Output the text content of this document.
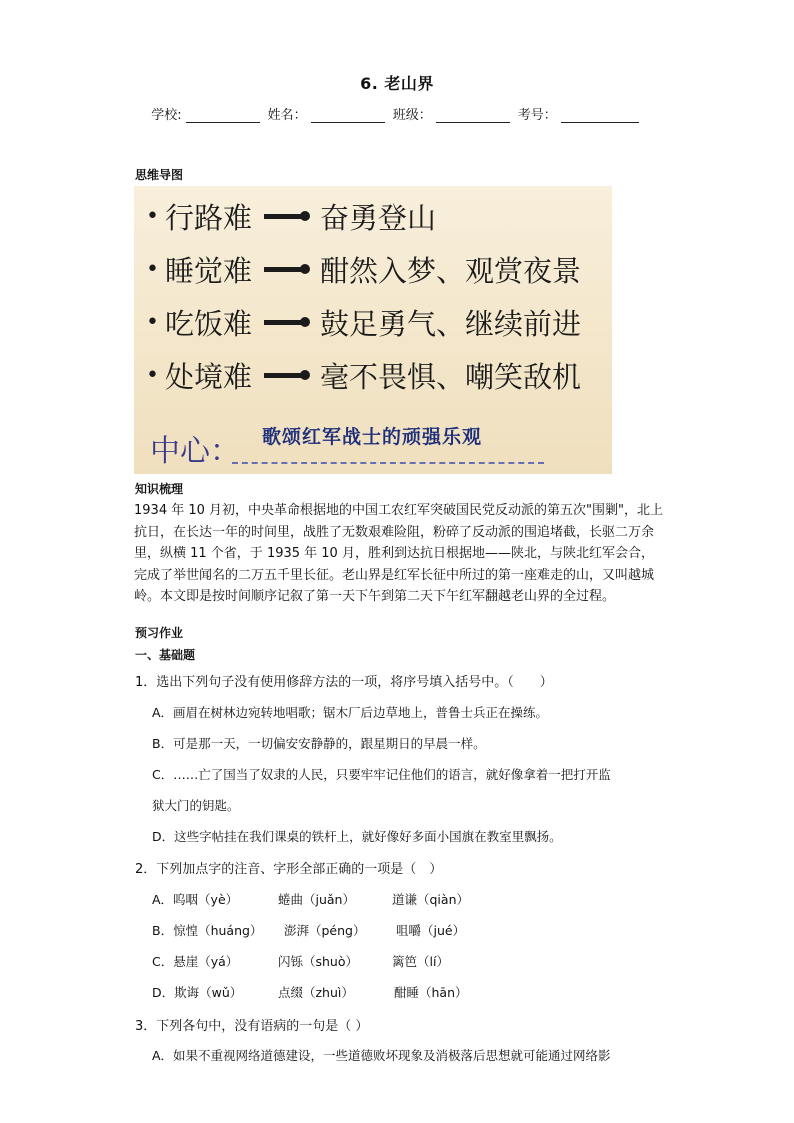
6. 老山界
学校:	姓名：	班级：	考号：
思维导图
• 行路难 奋勇登山
• 睡觉难 酣然入梦、观赏夜景
• 吃饭难 鼓足勇气、继续前进
• 处境难 毫不畏惧、嘲笑敌机
中心： 歌颂红军战士的顽强乐观
知识梳理
1934 年 10 月初，中央革命根据地的中国工农红军突破国民党反动派的第五次"围剿"，北上抗日，在长达一年的时间里，战胜了无数艰难险阻，粉碎了反动派的围追堵截，长驱二万余里，纵横 11 个省，于 1935 年 10 月，胜利到达抗日根据地——陕北，与陕北红军会合，完成了举世闻名的二万五千里长征。老山界是红军长征中所过的第一座难走的山，又叫越城岭。本文即是按时间顺序记叙了第一天下午到第二天下午红军翻越老山界的全过程。
预习作业
一、基础题
1．选出下列句子没有使用修辞方法的一项，将序号填入括号中。（　　）
A．画眉在树林边宛转地唱歌；锯木厂后边草地上，普鲁士兵正在操练。
B．可是那一天，一切偏安安静静的，跟星期日的早晨一样。
C．……亡了国当了奴隶的人民，只要牢牢记住他们的语言，就好像拿着一把打开监
狱大门的钥匙。
D．这些字帖挂在我们课桌的铁杆上，就好像好多面小国旗在教室里飘扬。
2．下列加点字的注音、字形全部正确的一项是（　）
A．呜咽（yè）	蜷曲（juǎn）	道谦（qiàn）
B．惊惶（huáng） 澎湃（péng） 咀嚼（jué）
C．悬崖（yá）	闪铄（shuò）	篱笆（lí）
D．欺诲（wǔ）	点缀（zhuì）	酣睡（hān）
3．下列各句中，没有语病的一句是（ ）
A．如果不重视网络道德建设，一些道德败坏现象及消极落后思想就可能通过网络影
